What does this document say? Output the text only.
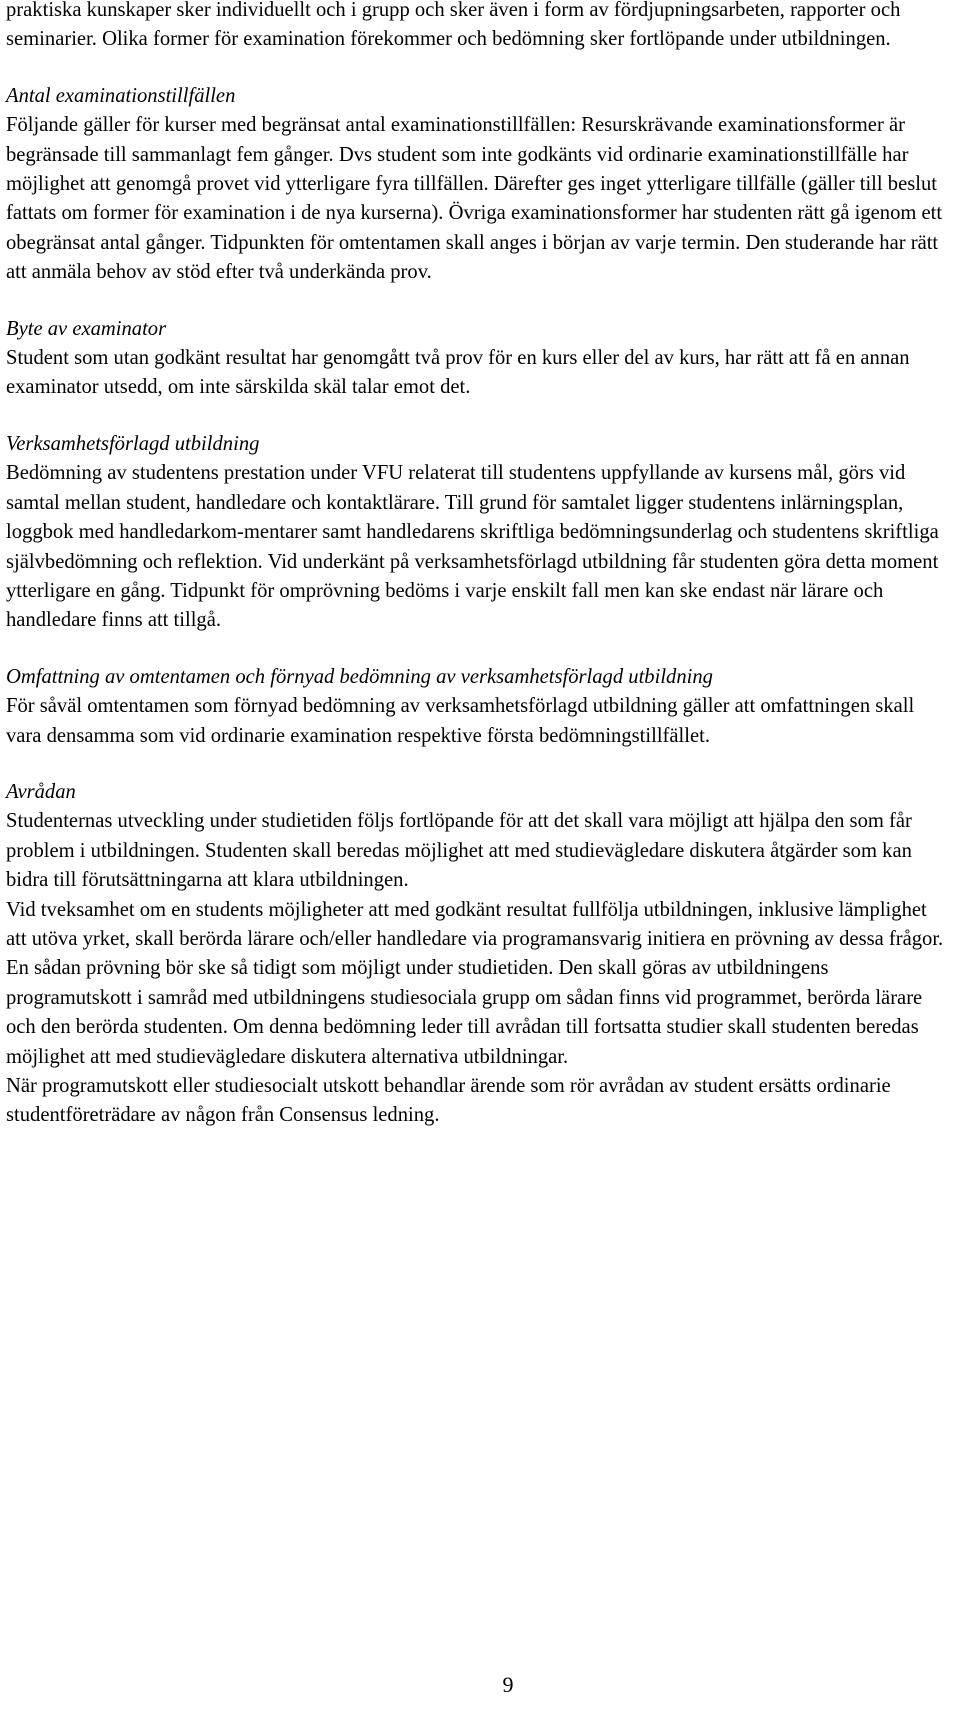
praktiska kunskaper sker individuellt och i grupp och sker även i form av fördjupningsarbeten, rapporter och seminarier. Olika former för examination förekommer och bedömning sker fortlöpande under utbildningen.

Antal examinationstillfällen

Följande gäller för kurser med begränsat antal examinationstillfällen: Resurskrävande examinationsformer är begränsade till sammanlagt fem gånger. Dvs student som inte godkänts vid ordinarie examinationstillfälle har möjlighet att genomgå provet vid ytterligare fyra tillfällen. Därefter ges inget ytterligare tillfälle (gäller till beslut fattats om former för examination i de nya kurserna). Övriga examinationsformer har studenten rätt gå igenom ett obegränsat antal gånger. Tidpunkten för omtentamen skall anges i början av varje termin. Den studerande har rätt att anmäla behov av stöd efter två underkända prov.

Byte av examinator

Student som utan godkänt resultat har genomgått två prov för en kurs eller del av kurs, har rätt att få en annan examinator utsedd, om inte särskilda skäl talar emot det.

Verksamhetsförlagd utbildning

Bedömning av studentens prestation under VFU relaterat till studentens uppfyllande av kursens mål, görs vid samtal mellan student, handledare och kontaktlärare. Till grund för samtalet ligger studentens inlärningsplan, loggbok med handledarkom-mentarer samt handledarens skriftliga bedömningsunderlag och studentens skriftliga självbedömning och reflektion. Vid underkänt på verksamhetsförlagd utbildning får studenten göra detta moment ytterligare en gång. Tidpunkt för omprövning bedöms i varje enskilt fall men kan ske endast när lärare och handledare finns att tillgå.

Omfattning av omtentamen och förnyad bedömning av verksamhetsförlagd utbildning

För såväl omtentamen som förnyad bedömning av verksamhetsförlagd utbildning gäller att omfattningen skall vara densamma som vid ordinarie examination respektive första bedömningstillfället.

Avrådan

Studenternas utveckling under studietiden följs fortlöpande för att det skall vara möjligt att hjälpa den som får problem i utbildningen. Studenten skall beredas möjlighet att med studievägledare diskutera åtgärder som kan bidra till förutsättningarna att klara utbildningen.

Vid tveksamhet om en students möjligheter att med godkänt resultat fullfölja utbildningen, inklusive lämplighet att utöva yrket, skall berörda lärare och/eller handledare via programansvarig initiera en prövning av dessa frågor. En sådan prövning bör ske så tidigt som möjligt under studietiden. Den skall göras av utbildningens programutskott i samråd med utbildningens studiesociala grupp om sådan finns vid programmet, berörda lärare och den berörda studenten. Om denna bedömning leder till avrådan till fortsatta studier skall studenten beredas möjlighet att med studievägledare diskutera alternativa utbildningar.

När programutskott eller studiesocialt utskott behandlar ärende som rör avrådan av student ersätts ordinarie studentföreträdare av någon från Consensus ledning.

9
